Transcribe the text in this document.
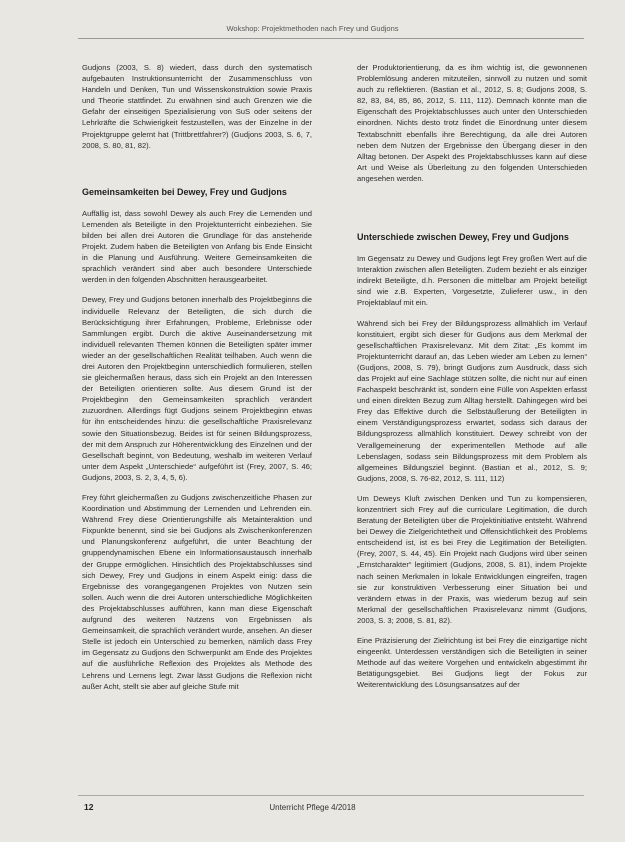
Wokshop: Projektmethoden nach Frey und Gudjons

Gudjons (2003, S. 8) wiedert, dass durch den systematisch aufgebauten Instruktionsunterricht der Zusammenschluss von Handeln und Denken, Tun und Wissenskonstruktion sowie Praxis und Theorie stattfindet. Zu erwähnen sind auch Grenzen wie die Gefahr der einseitigen Spezialisierung von SuS oder seitens der Lehrkräfte die Schwierigkeit festzustellen, was der Einzelne in der Projektgruppe gelernt hat (Trittbrettfahrer?) (Gudjons 2003, S. 6, 7, 2008, S. 80, 81, 82).

Gemeinsamkeiten bei Dewey, Frey und Gudjons

Auffällig ist, dass sowohl Dewey als auch Frey die Lernenden und Lernenden als Beteiligte in den Projektunterricht einbeziehen. Sie bilden bei allen drei Autoren die Grundlage für das ansteheride Projekt. Zudem haben die Beteiligten von Anfang bis Ende Einsicht in die Planung und Ausführung. Weitere Gemeinsamkeiten die sprachlich verändert sind aber auch besondere Unterschiede werden in den folgenden Abschnitten herausgearbeitet.

Dewey, Frey und Gudjons betonen innerhalb des Projektbeginns die individuelle Relevanz der Beteiligten, die sich durch die Berücksichtigung ihrer Erfahrungen, Probleme, Erlebnisse oder Sammlungen ergibt. Durch die aktive Auseinandersetzung mit individuell relevanten Themen können die Beteiligten später immer wieder an der gesellschaftlichen Realität teilhaben. Auch wenn die drei Autoren den Projektbeginn unterschiedlich formulieren, stellen sie gleichermaßen heraus, dass sich ein Projekt an den Interessen der Beteiligten orientieren sollte. Aus diesem Grund ist der Projektbeginn den Gemeinsamkeiten sprachlich verändert zuzuordnen. Allerdings fügt Gudjons seinem Projektbeginn etwas für ihn entscheidendes hinzu: die gesellschaftliche Praxisrelevanz sowie den Situationsbezug. Beides ist für seinen Bildungsprozess, der mit dem Anspruch zur Höherentwicklung des Einzelnen und der Gesellschaft beginnt, von Bedeutung, weshalb im weiteren Verlauf unter dem Aspekt „Unterschiede“ aufgeführt ist (Frey, 2007, S. 46; Gudjons, 2003, S. 2, 3, 4, 5, 6).

Frey führt gleichermaßen zu Gudjons zwischenzeitliche Phasen zur Koordination und Abstimmung der Lernenden und Lehrenden ein. Während Frey diese Orientierungshilfe als Metainteraktion und Fixpunkte benennt, sind sie bei Gudjons als Zwischenkonferenzen und Planungskonferenz aufgeführt, die unter Beachtung der gruppendynamischen Ebene ein Informationsaustausch innerhalb der Gruppe ermöglichen. Hinsichtlich des Projektabschlusses sind sich Dewey, Frey und Gudjons in einem Aspekt einig: dass die Ergebnisse des vorangegangenen Projektes von Nutzen sein sollen. Auch wenn die drei Autoren unterschiedliche Möglichkeiten des Projektabschlusses aufführen, kann man diese Eigenschaft aufgrund des weiteren Nutzens von Ergebnissen als Gemeinsamkeit, die sprachlich verändert wurde, ansehen. An dieser Stelle ist jedoch ein Unterschied zu bemerken, nämlich dass Frey im Gegensatz zu Gudjons den Schwerpunkt am Ende des Projektes auf die ausführliche Reflexion des Projektes als Methode des Lehrens und Lernens legt. Zwar lässt Gudjons die Reflexion nicht außer Acht, stellt sie aber auf gleiche Stufe mit

der Produktorientierung, da es ihm wichtig ist, die gewonnenen Problemlösung anderen mitzuteilen, sinnvoll zu nutzen und somit auch zu reflektieren. (Bastian et al., 2012, S. 8; Gudjons 2008, S. 82, 83, 84, 85, 86, 2012, S. 111, 112). Demnach könnte man die Eigenschaft des Projektabschlusses auch unter den Unterschieden einordnen. Nichts desto trotz findet die Einordnung unter diesem Textabschnitt ebenfalls ihre Berechtigung, da alle drei Autoren neben dem Nutzen der Ergebnisse den Übergang dieser in den Alltag betonen. Der Aspekt des Projektabschlusses kann auf diese Art und Weise als Überleitung zu den folgenden Unterschieden angesehen werden.

Unterschiede zwischen Dewey, Frey und Gudjons

Im Gegensatz zu Dewey und Gudjons legt Frey großen Wert auf die Interaktion zwischen allen Beteiligten. Zudem bezieht er als einziger indirekt Beteiligte, d.h. Personen die mittelbar am Projekt beteiligt sind wie z.B. Experten, Vorgesetzte, Zulieferer usw., in den Projektablauf mit ein.

Während sich bei Frey der Bildungsprozess allmählich im Verlauf konstituiert, ergibt sich dieser für Gudjons aus dem Merkmal der gesellschaftlichen Praxisrelevanz. Mit dem Zitat: „Es kommt im Projektunterricht darauf an, das Leben wieder am Leben zu lernen“ (Gudjons, 2008, S. 79), bringt Gudjons zum Ausdruck, dass sich das Projekt auf eine Sachlage stützen sollte, die nicht nur auf einen Fachaspekt beschränkt ist, sondern eine Fülle von Aspekten erfasst und einen direkten Bezug zum Alltag herstellt. Dahingegen wird bei Frey das Effektive durch die Selbstäußerung der Beteiligten in einem Verständigungsprozess erwartet, sodass sich daraus der Bildungsprozess allmählich konstituiert. Dewey schreibt von der Verallgemeinerung der experimentellen Methode auf alle Lebenslagen, sodass sein Bildungsprozess mit dem Problem als allgemeines Bildungsziel beginnt. (Bastian et al., 2012, S. 9; Gudjons, 2008, S. 76-82, 2012, S. 111, 112)

Um Deweys Kluft zwischen Denken und Tun zu kompensieren, konzentriert sich Frey auf die curriculare Legitimation, die durch Beratung der Beteiligten über die Projektinitiative entsteht. Während bei Dewey die Zielgerichtetheit und Offensichtlichkeit des Problems entscheidend ist, ist es bei Frey die Legitimation der Beteiligten. (Frey, 2007, S. 44, 45). Ein Projekt nach Gudjons wird über seinen „Ernstcharakter“ legitimiert (Gudjons, 2008, S. 81), indem Projekte nach seinen Merkmalen in lokale Entwicklungen eingreifen, tragen sie zur konstruktiven Verbesserung einer Situation bei und verändern etwas in der Praxis, was wiederum bezug auf sein Merkmal der gesellschaftlichen Praxisrelevanz nimmt (Gudjons, 2003, S. 3; 2008, S. 81, 82).

Eine Präzisierung der Zielrichtung ist bei Frey die einzigartige nicht eingeenkt. Unterdessen verständigen sich die Beteiligten in seiner Methode auf das weitere Vorgehen und entwickeln abgestimmt ihr Betätigungsgebiet. Bei Gudjons liegt der Fokus zur Weiterentwicklung des Lösungsansatzes auf der

12	Unterricht Pflege 4/2018
